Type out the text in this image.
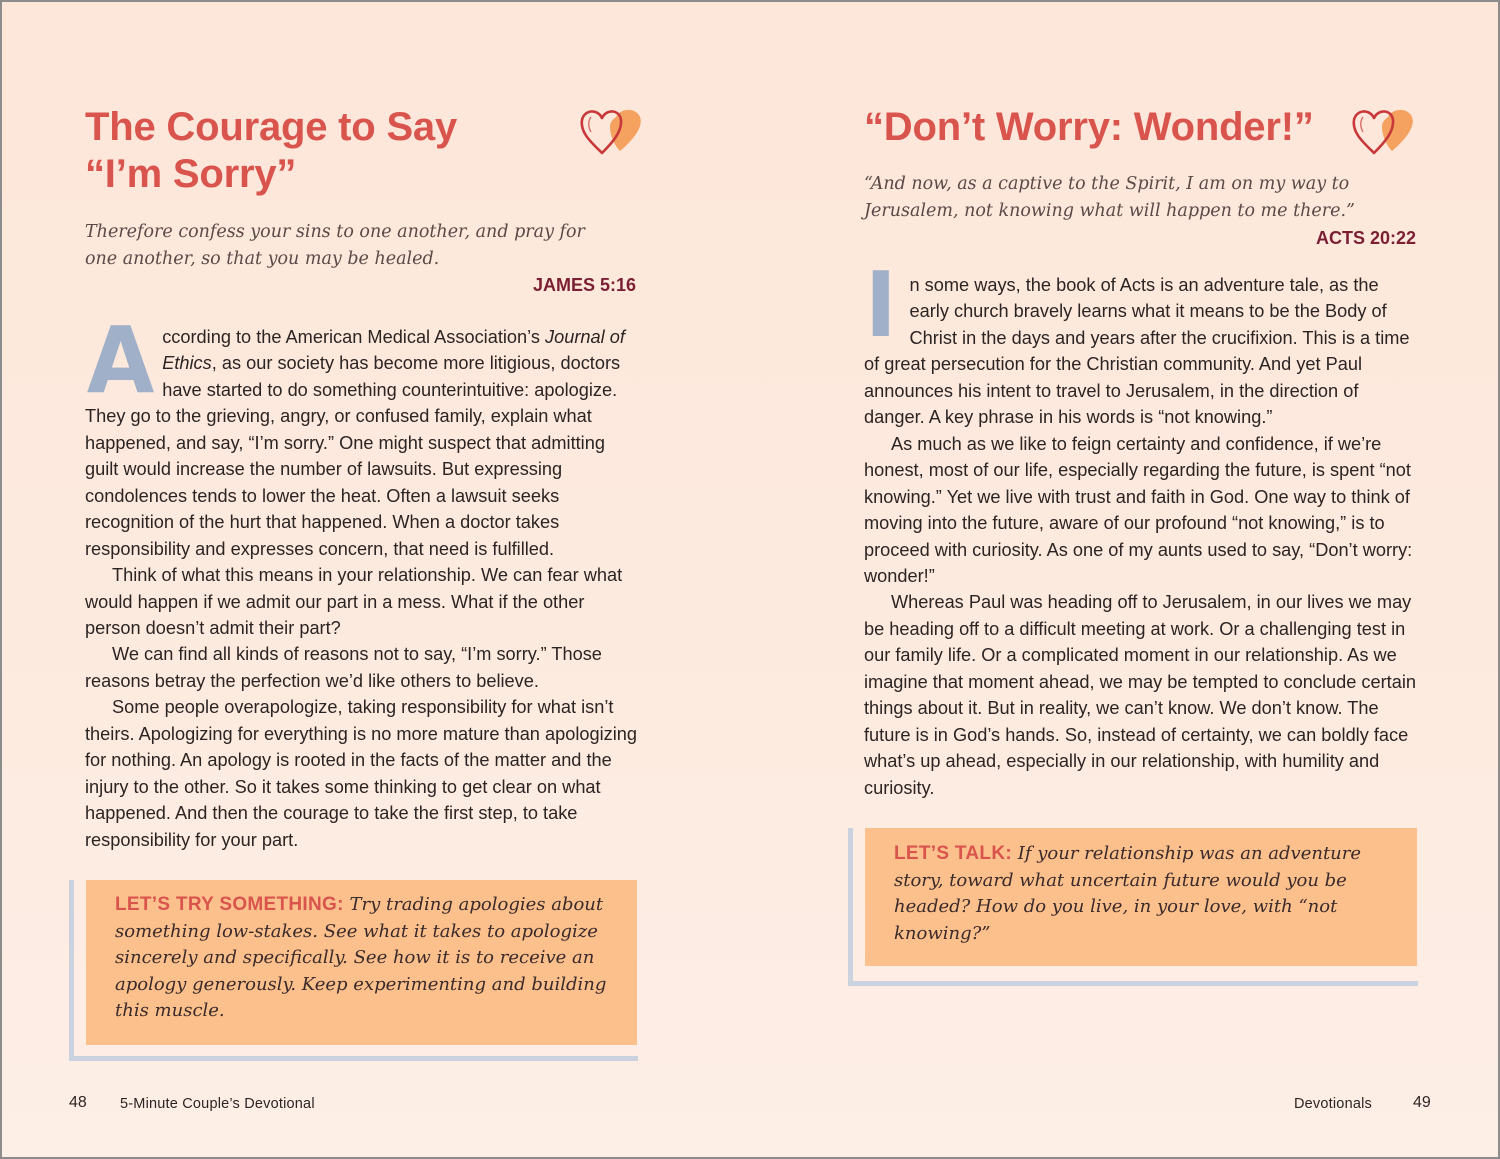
The Courage to Say
“I’m Sorry”

Therefore confess your sins to one another, and pray for
one another, so that you may be healed.

JAMES 5:16

According to the American Medical Association’s Journal of Ethics, as our society has become more litigious, doctors have started to do something counterintuitive: apologize. They go to the grieving, angry, or confused family, explain what happened, and say, “I’m sorry.” One might suspect that admitting guilt would increase the number of lawsuits. But expressing condolences tends to lower the heat. Often a lawsuit seeks recognition of the hurt that happened. When a doctor takes responsibility and expresses concern, that need is fulfilled.

Think of what this means in your relationship. We can fear what would happen if we admit our part in a mess. What if the other person doesn’t admit their part?

We can find all kinds of reasons not to say, “I’m sorry.” Those reasons betray the perfection we’d like others to believe.

Some people overapologize, taking responsibility for what isn’t theirs. Apologizing for everything is no more mature than apologizing for nothing. An apology is rooted in the facts of the matter and the injury to the other. So it takes some thinking to get clear on what happened. And then the courage to take the first step, to take responsibility for your part.

LET’S TRY SOMETHING: Try trading apologies about something low-stakes. See what it takes to apologize sincerely and specifically. See how it is to receive an apology generously. Keep experimenting and building this muscle.
48 5-Minute Couple’s Devotional
“Don’t Worry: Wonder!”

“And now, as a captive to the Spirit, I am on my way to
Jerusalem, not knowing what will happen to me there.”

ACTS 20:22

In some ways, the book of Acts is an adventure tale, as the early church bravely learns what it means to be the Body of Christ in the days and years after the crucifixion. This is a time of great persecution for the Christian community. And yet Paul announces his intent to travel to Jerusalem, in the direction of danger. A key phrase in his words is “not knowing.”

As much as we like to feign certainty and confidence, if we’re honest, most of our life, especially regarding the future, is spent “not knowing.” Yet we live with trust and faith in God. One way to think of moving into the future, aware of our profound “not knowing,” is to proceed with curiosity. As one of my aunts used to say, “Don’t worry: wonder!”

Whereas Paul was heading off to Jerusalem, in our lives we may be heading off to a difficult meeting at work. Or a challenging test in our family life. Or a complicated moment in our relationship. As we imagine that moment ahead, we may be tempted to conclude certain things about it. But in reality, we can’t know. We don’t know. The future is in God’s hands. So, instead of certainty, we can boldly face what’s up ahead, especially in our relationship, with humility and curiosity.

LET’S TALK: If your relationship was an adventure story, toward what uncertain future would you be headed? How do you live, in your love, with “not knowing?”
Devotionals	49
